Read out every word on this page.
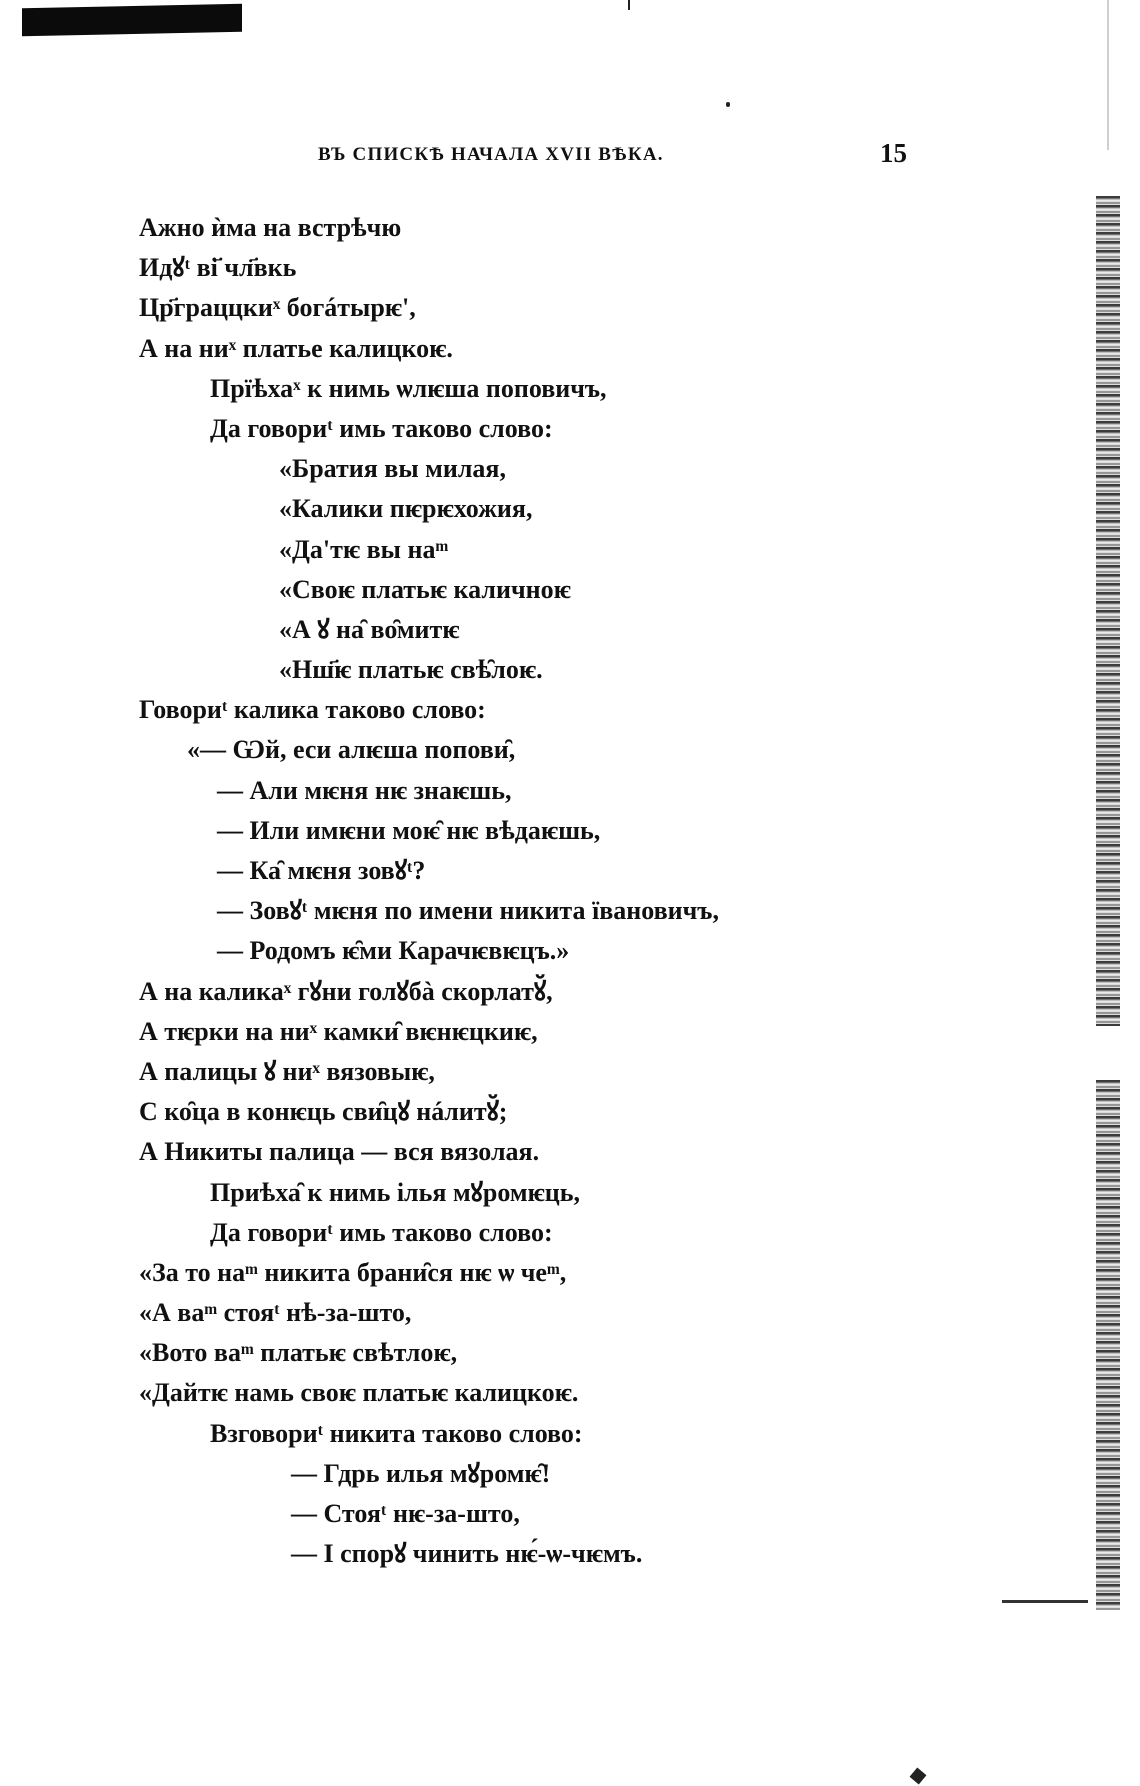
ВЪ СПИСКѢ НАЧАЛА XVII ВѢКА.	15
Ажно ѝма на встрѣчю
Идꙋᵗ ві҃ чл҃вкь
Цр҃граццкиˣ богáтырѥ',
А на ниˣ платье калицкоѥ.
Прїѣхаˣ к нимь ѡлѥша поповичъ,
Да говориᵗ имь таково слово:
«Братия вы милая,
«Калики пѥрѥхожия,
«Да'тѥ вы наᵐ
«Своѥ платьѥ каличноѥ
«А ꙋ на̑ во̑митѥ
«Нш҃ѥ платьѥ свѣ̑лоѥ.
Говориᵗ калика таково слово:
«— Ѡй, еси алѥша попови̑,
— Али мѥня нѥ знаѥшь,
— Или имѥни моѥ̑ нѥ вѣдаѥшь,
— Ка̑ мѥня зовꙋᵗ?
— Зовꙋᵗ мѥня по имени никита ївановичъ,
— Родомъ ѥ̑ми Карачѥвѥцъ.»
А на каликаˣ гꙋни голꙋбà скорлатꙋ̆,
А тѥрки на ниˣ камки̑ вѥнѥцкиѥ,
А палицы ꙋ ниˣ вязовыѥ,
С ко̑ца в конѥць сви̑цꙋ нáлитꙋ̆;
А Никиты палица — вся вязолая.
Приѣха̑ к нимь ілья мꙋромѥць,
Да говориᵗ имь таково слово:
«За то наᵐ никита брани̑ся нѥ ѡ чеᵐ,
«А ваᵐ стояᵗ нѣ-за-што,
«Вото ваᵐ платьѥ свѣтлоѥ,
«Дайтѥ намь своѥ платьѥ калицкоѥ.
Взговориᵗ никита таково слово:
— Гдрь илья мꙋромѥ̑!
— Стояᵗ нѥ-за-што,
— І спорꙋ чинить нѥ́-ѡ-чѥмъ.
